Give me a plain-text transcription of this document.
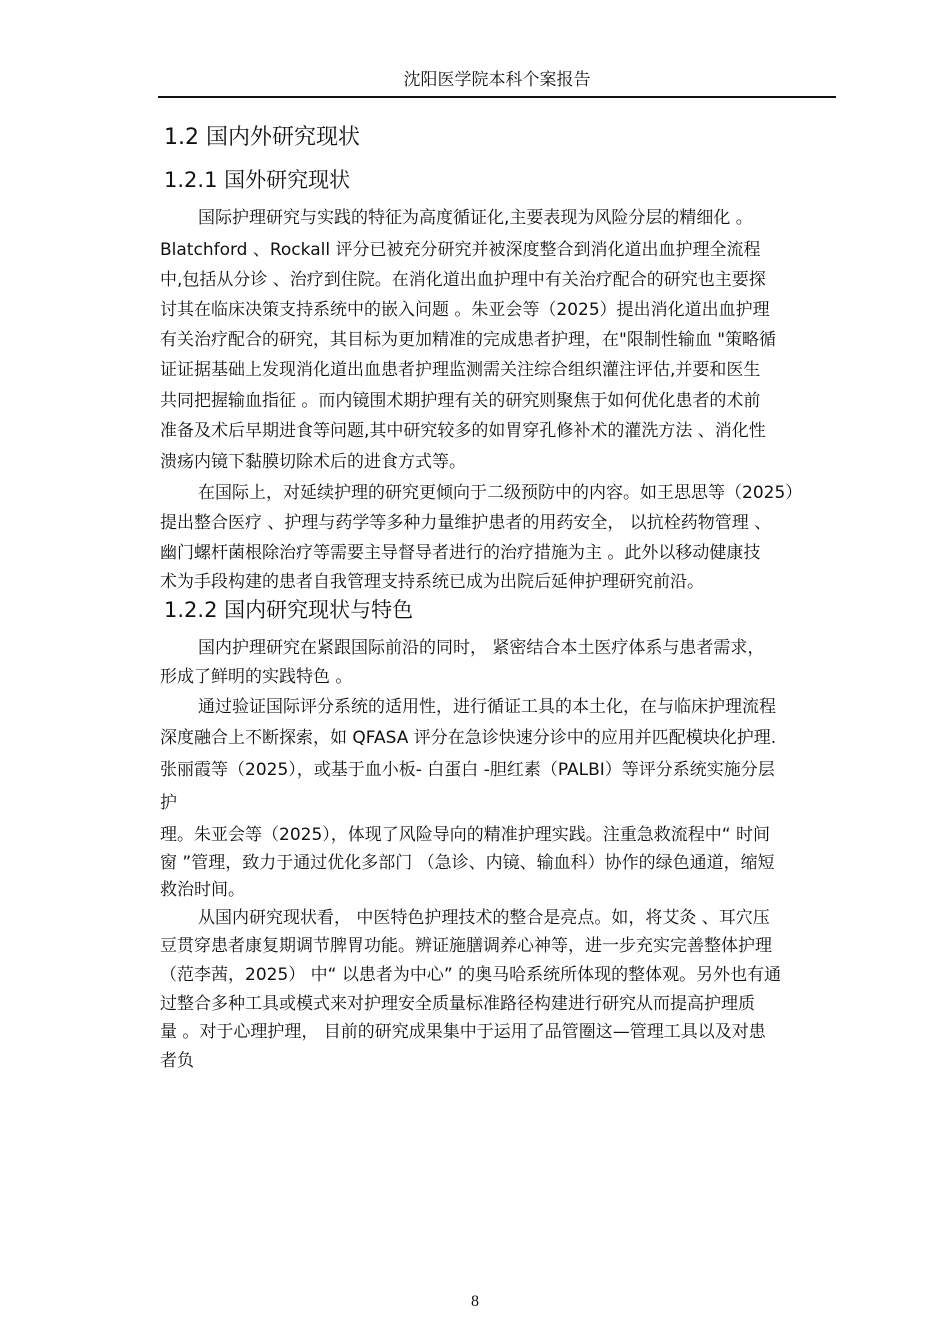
沈阳医学院本科个案报告
1.2 国内外研究现状
1.2.1 国外研究现状
国际护理研究与实践的特征为高度循证化,主要表现为风险分层的精细化 。
Blatchford 、Rockall 评分已被充分研究并被深度整合到消化道出血护理全流程
中,包括从分诊 、治疗到住院。在消化道出血护理中有关治疗配合的研究也主要探
讨其在临床决策支持系统中的嵌入问题 。朱亚会等（2025）提出消化道出血护理
有关治疗配合的研究，其目标为更加精准的完成患者护理，在"限制性输血 "策略循
证证据基础上发现消化道出血患者护理监测需关注综合组织灌注评估,并要和医生
共同把握输血指征 。而内镜围术期护理有关的研究则聚焦于如何优化患者的术前
准备及术后早期进食等问题,其中研究较多的如胃穿孔修补术的灌洗方法 、消化性
溃疡内镜下黏膜切除术后的进食方式等。
在国际上，对延续护理的研究更倾向于二级预防中的内容。如王思思等（2025）
提出整合医疗 、护理与药学等多种力量维护患者的用药安全， 以抗栓药物管理 、
幽门螺杆菌根除治疗等需要主导督导者进行的治疗措施为主 。此外以移动健康技
术为手段构建的患者自我管理支持系统已成为出院后延伸护理研究前沿。
1.2.2 国内研究现状与特色
国内护理研究在紧跟国际前沿的同时， 紧密结合本土医疗体系与患者需求，
形成了鲜明的实践特色 。
通过验证国际评分系统的适用性，进行循证工具的本土化，在与临床护理流程
深度融合上不断探索，如 QFASA 评分在急诊快速分诊中的应用并匹配模块化护理.
张丽霞等（2025），或基于血小板- 白蛋白 -胆红素（PALBI）等评分系统实施分层
护
理。朱亚会等（2025），体现了风险导向的精准护理实践。注重急救流程中“ 时间
窗 ”管理，致力于通过优化多部门 （急诊、内镜、输血科）协作的绿色通道，缩短
救治时间。
从国内研究现状看， 中医特色护理技术的整合是亮点。如，将艾灸 、耳穴压
豆贯穿患者康复期调节脾胃功能。辨证施膳调养心神等，进一步充实完善整体护理
（范李茜，2025） 中“ 以患者为中心” 的奥马哈系统所体现的整体观。另外也有通
过整合多种工具或模式来对护理安全质量标准路径构建进行研究从而提高护理质
量 。对于心理护理， 目前的研究成果集中于运用了品管圈这—管理工具以及对患
者负
8
